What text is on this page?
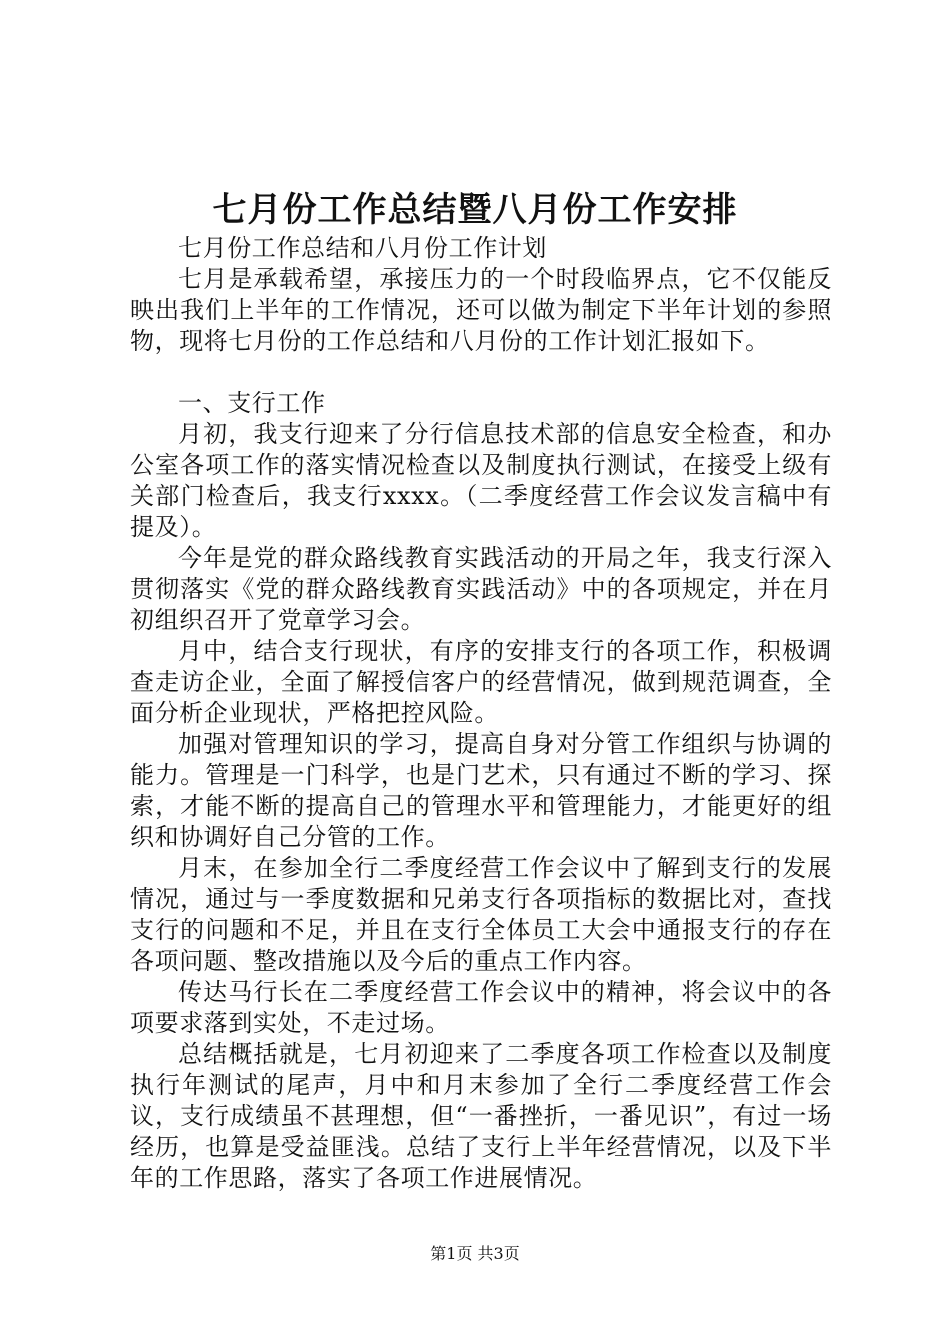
七月份工作总结暨八月份工作安排

七月份工作总结和八月份工作计划

七月是承载希望，承接压力的一个时段临界点，它不仅能反映出我们上半年的工作情况，还可以做为制定下半年计划的参照物，现将七月份的工作总结和八月份的工作计划汇报如下。

一、支行工作

月初，我支行迎来了分行信息技术部的信息安全检查，和办公室各项工作的落实情况检查以及制度执行测试，在接受上级有关部门检查后，我支行xxxx。（二季度经营工作会议发言稿中有提及）。

今年是党的群众路线教育实践活动的开局之年，我支行深入贯彻落实《党的群众路线教育实践活动》中的各项规定，并在月初组织召开了党章学习会。

月中，结合支行现状，有序的安排支行的各项工作，积极调查走访企业，全面了解授信客户的经营情况，做到规范调查，全面分析企业现状，严格把控风险。

加强对管理知识的学习，提高自身对分管工作组织与协调的能力。管理是一门科学，也是门艺术，只有通过不断的学习、探索，才能不断的提高自己的管理水平和管理能力，才能更好的组织和协调好自己分管的工作。

月末，在参加全行二季度经营工作会议中了解到支行的发展情况，通过与一季度数据和兄弟支行各项指标的数据比对，查找支行的问题和不足，并且在支行全体员工大会中通报支行的存在各项问题、整改措施以及今后的重点工作内容。

传达马行长在二季度经营工作会议中的精神，将会议中的各项要求落到实处，不走过场。

总结概括就是，七月初迎来了二季度各项工作检查以及制度执行年测试的尾声，月中和月末参加了全行二季度经营工作会议，支行成绩虽不甚理想，但“一番挫折，一番见识”，有过一场经历，也算是受益匪浅。总结了支行上半年经营情况，以及下半年的工作思路，落实了各项工作进展情况。

第1页 共3页
